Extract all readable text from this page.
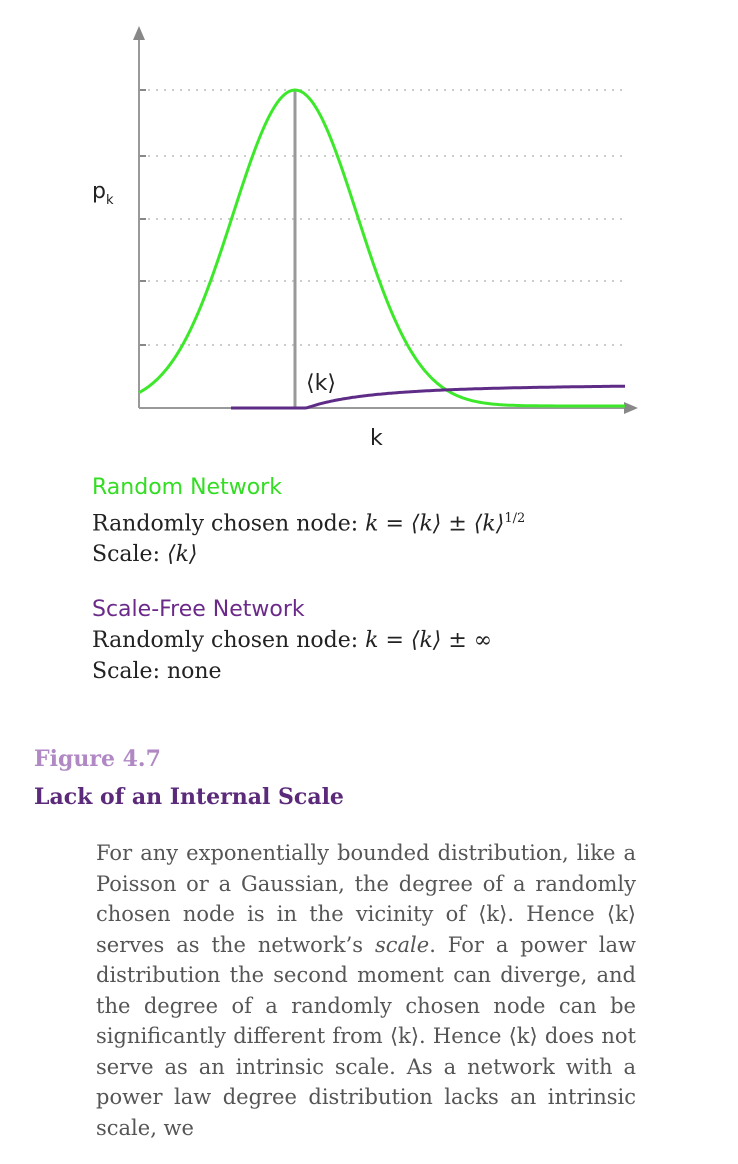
$p_k$
k
⟨k⟩
Random Network
Randomly chosen node: k = ⟨k⟩ ± ⟨k⟩$^{1/2}$
Scale: ⟨k⟩
Scale-Free Network
Randomly chosen node: k = ⟨k⟩ ± ∞
Scale: none
Figure 4.7
Lack of an Internal Scale
For any exponentially bounded distribution, like a Poisson or a Gaussian, the degree of a randomly chosen node is in the vicinity of ⟨k⟩. Hence ⟨k⟩ serves as the network’s scale. For a power law distribution the second moment can diverge, and the degree of a randomly chosen node can be significantly different from ⟨k⟩. Hence ⟨k⟩ does not serve as an intrinsic scale. As a network with a power law degree distribution lacks an intrinsic scale, we
